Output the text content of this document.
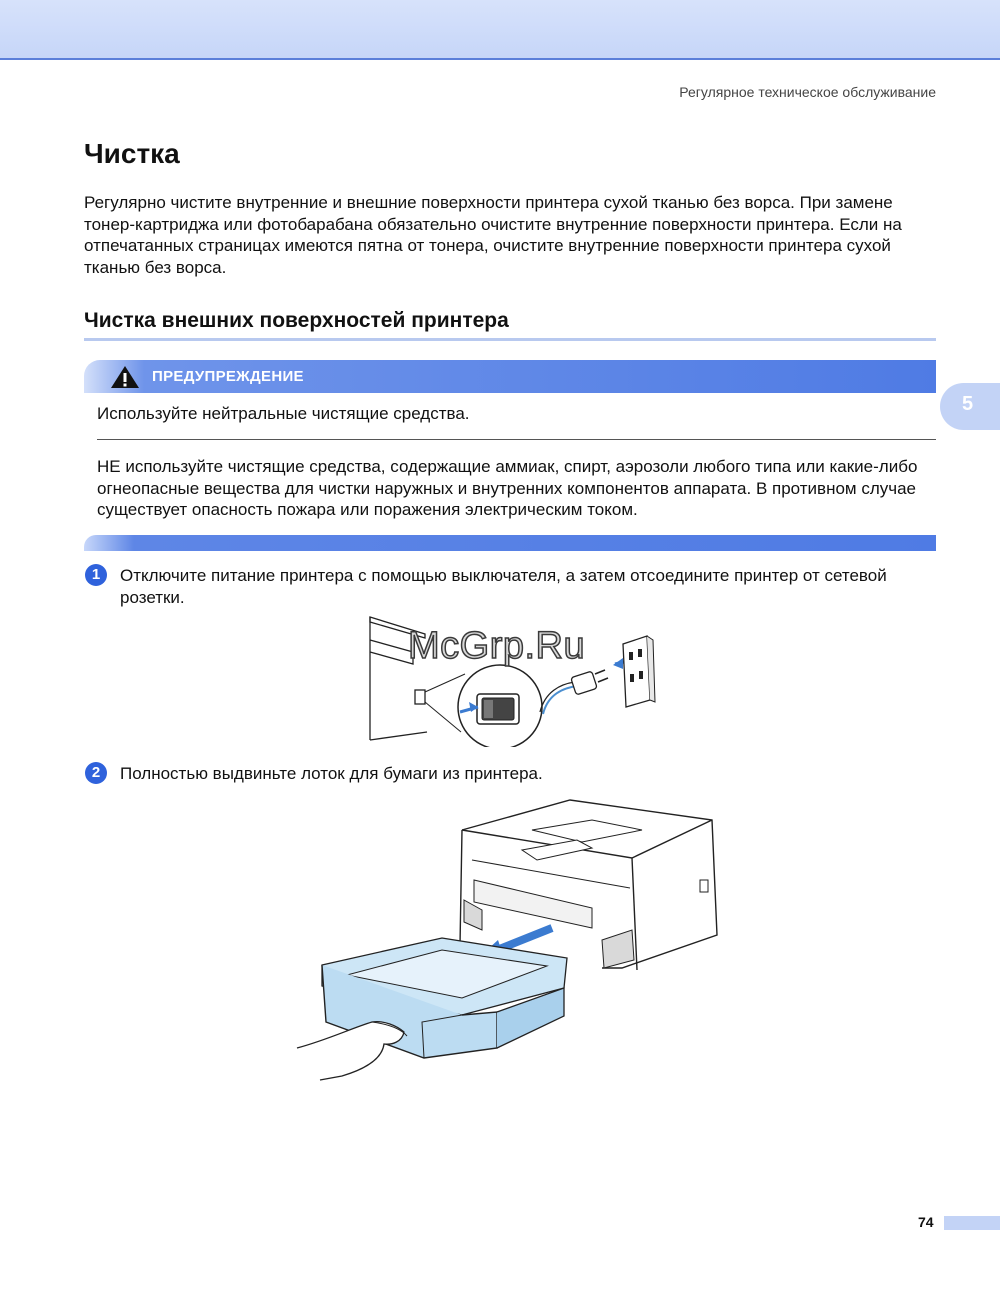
Регулярное техническое обслуживание
Чистка

Регулярно чистите внутренние и внешние поверхности принтера сухой тканью без ворса. При замене тонер-картриджа или фотобарабана обязательно очистите внутренние поверхности принтера. Если на отпечатанных страницах имеются пятна от тонера, очистите внутренние поверхности принтера сухой тканью без ворса.

Чистка внешних поверхностей принтера
ПРЕДУПРЕЖДЕНИЕ
5

Используйте нейтральные чистящие средства.

НЕ используйте чистящие средства, содержащие аммиак, спирт, аэрозоли любого типа или какие-либо огнеопасные вещества для чистки наружных и внутренних компонентов аппарата. В противном случае существует опасность пожара или поражения электрическим током.

1	Отключите питание принтера с помощью выключателя, а затем отсоедините принтер от сетевой розетки.

McGrp.Ru
2	Полностью выдвиньте лоток для бумаги из принтера.

74
